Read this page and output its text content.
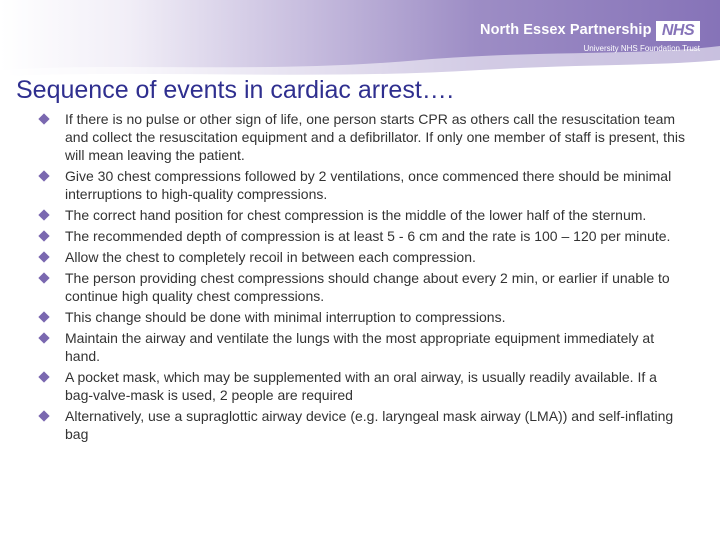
North Essex Partnership NHS
University NHS Foundation Trust
Sequence of events in cardiac arrest….
If there is no pulse or other sign of life, one person starts CPR as others call the resuscitation team and collect the resuscitation equipment and a defibrillator. If only one member of staff is present, this will mean leaving the patient.
Give 30 chest compressions followed by 2 ventilations, once commenced there should be minimal interruptions to high-quality compressions.
The correct hand position for chest compression is the middle of the lower half of the sternum.
The recommended depth of compression is at least 5 - 6 cm and the rate is 100 – 120 per minute.
Allow the chest to completely recoil in between each compression.
The person providing chest compressions should change about every 2 min, or earlier if unable to continue high quality chest compressions.
This change should be done with minimal interruption to compressions.
Maintain the airway and ventilate the lungs with the most appropriate equipment immediately at hand.
A pocket mask, which may be supplemented with an oral airway, is usually readily available. If a bag-valve-mask is used, 2 people are required
Alternatively, use a supraglottic airway device (e.g. laryngeal mask airway (LMA)) and self-inflating bag
